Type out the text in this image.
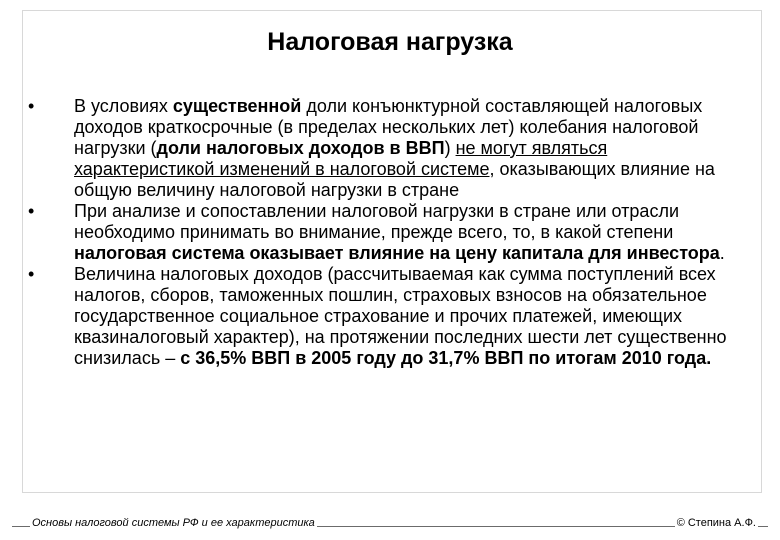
Налоговая нагрузка
• В условиях существенной доли конъюнктурной составляющей налоговых доходов краткосрочные (в пределах нескольких лет) колебания налоговой нагрузки (доли налоговых доходов в ВВП) не могут являться характеристикой изменений в налоговой системе, оказывающих влияние на общую величину налоговой нагрузки в стране
• При анализе и сопоставлении налоговой нагрузки в стране или отрасли необходимо принимать во внимание, прежде всего, то, в какой степени налоговая система оказывает влияние на цену капитала для инвестора.
• Величина налоговых доходов (рассчитываемая как сумма поступлений всех налогов, сборов, таможенных пошлин, страховых взносов на обязательное государственное социальное страхование и прочих платежей, имеющих квазиналоговый характер), на протяжении последних шести лет существенно снизилась – с 36,5% ВВП в 2005 году до 31,7% ВВП по итогам 2010 года.
Основы налоговой системы РФ и ее характеристика	© Степина А.Ф.
